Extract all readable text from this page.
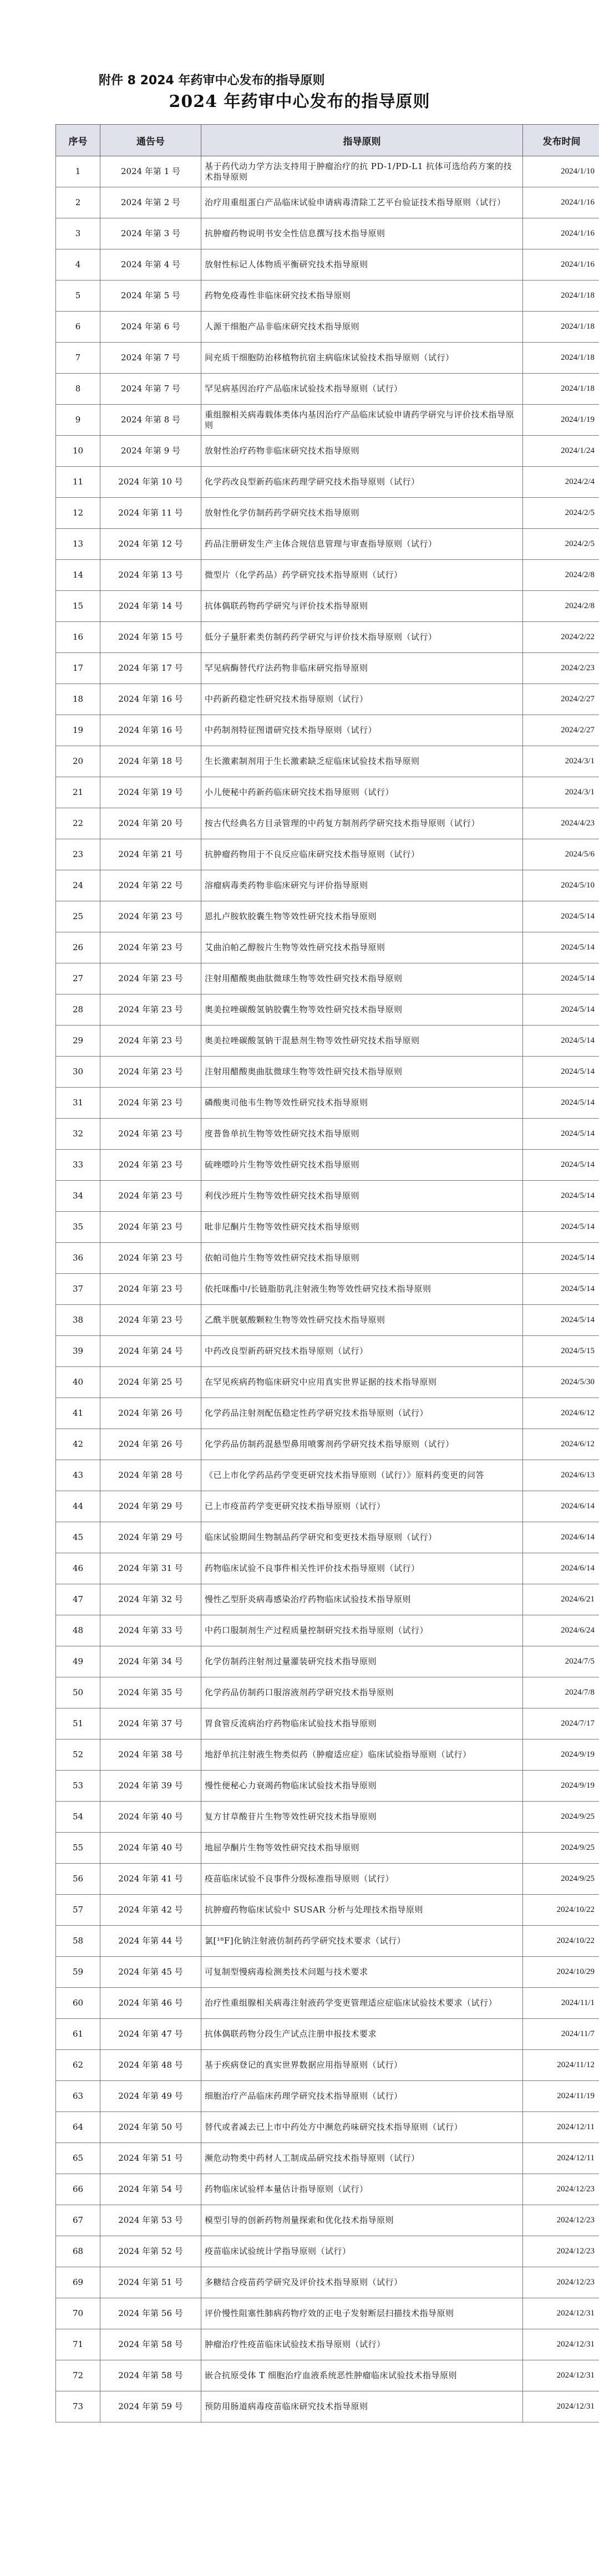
附件 8 2024 年药审中心发布的指导原则
2024 年药审中心发布的指导原则
序号	通告号	指导原则	发布时间
1	2024 年第 1 号	基于药代动力学方法支持用于肿瘤治疗的抗 PD-1/PD-L1 抗体可选给药方案的技术指导原则	2024/1/10
2	2024 年第 2 号	治疗用重组蛋白产品临床试验申请病毒清除工艺平台验证技术指导原则（试行）	2024/1/16
3	2024 年第 3 号	抗肿瘤药物说明书安全性信息撰写技术指导原则	2024/1/16
4	2024 年第 4 号	放射性标记人体物质平衡研究技术指导原则	2024/1/16
5	2024 年第 5 号	药物免疫毒性非临床研究技术指导原则	2024/1/18
6	2024 年第 6 号	人源干细胞产品非临床研究技术指导原则	2024/1/18
7	2024 年第 7 号	间充质干细胞防治移植物抗宿主病临床试验技术指导原则（试行）	2024/1/18
8	2024 年第 7 号	罕见病基因治疗产品临床试验技术指导原则（试行）	2024/1/18
9	2024 年第 8 号	重组腺相关病毒载体类体内基因治疗产品临床试验申请药学研究与评价技术指导原则	2024/1/19
10	2024 年第 9 号	放射性治疗药物非临床研究技术指导原则	2024/1/24
11	2024 年第 10 号	化学药改良型新药临床药理学研究技术指导原则（试行）	2024/2/4
12	2024 年第 11 号	放射性化学仿制药药学研究技术指导原则	2024/2/5
13	2024 年第 12 号	药品注册研发生产主体合规信息管理与审查指导原则（试行）	2024/2/5
14	2024 年第 13 号	微型片（化学药品）药学研究技术指导原则（试行）	2024/2/8
15	2024 年第 14 号	抗体偶联药物药学研究与评价技术指导原则	2024/2/8
16	2024 年第 15 号	低分子量肝素类仿制药药学研究与评价技术指导原则（试行）	2024/2/22
17	2024 年第 17 号	罕见病酶替代疗法药物非临床研究指导原则	2024/2/23
18	2024 年第 16 号	中药新药稳定性研究技术指导原则（试行）	2024/2/27
19	2024 年第 16 号	中药制剂特征图谱研究技术指导原则（试行）	2024/2/27
20	2024 年第 18 号	生长激素制剂用于生长激素缺乏症临床试验技术指导原则	2024/3/1
21	2024 年第 19 号	小儿便秘中药新药临床研究技术指导原则（试行）	2024/3/1
22	2024 年第 20 号	按古代经典名方目录管理的中药复方制剂药学研究技术指导原则（试行）	2024/4/23
23	2024 年第 21 号	抗肿瘤药物用于不良反应临床研究技术指导原则（试行）	2024/5/6
24	2024 年第 22 号	溶瘤病毒类药物非临床研究与评价指导原则	2024/5/10
25	2024 年第 23 号	恩扎卢胺软胶囊生物等效性研究技术指导原则	2024/5/14
26	2024 年第 23 号	艾曲泊帕乙醇胺片生物等效性研究技术指导原则	2024/5/14
27	2024 年第 23 号	注射用醋酸奥曲肽微球生物等效性研究技术指导原则	2024/5/14
28	2024 年第 23 号	奥美拉唑碳酸氢钠胶囊生物等效性研究技术指导原则	2024/5/14
29	2024 年第 23 号	奥美拉唑碳酸氢钠干混悬剂生物等效性研究技术指导原则	2024/5/14
30	2024 年第 23 号	注射用醋酸奥曲肽微球生物等效性研究技术指导原则	2024/5/14
31	2024 年第 23 号	磷酸奥司他韦生物等效性研究技术指导原则	2024/5/14
32	2024 年第 23 号	度普鲁单抗生物等效性研究技术指导原则	2024/5/14
33	2024 年第 23 号	硫唑嘌呤片生物等效性研究技术指导原则	2024/5/14
34	2024 年第 23 号	利伐沙班片生物等效性研究技术指导原则	2024/5/14
35	2024 年第 23 号	吡非尼酮片生物等效性研究技术指导原则	2024/5/14
36	2024 年第 23 号	依帕司他片生物等效性研究技术指导原则	2024/5/14
37	2024 年第 23 号	依托咪酯中/长链脂肪乳注射液生物等效性研究技术指导原则	2024/5/14
38	2024 年第 23 号	乙酰半胱氨酸颗粒生物等效性研究技术指导原则	2024/5/14
39	2024 年第 24 号	中药改良型新药研究技术指导原则（试行）	2024/5/15
40	2024 年第 25 号	在罕见疾病药物临床研究中应用真实世界证据的技术指导原则	2024/5/30
41	2024 年第 26 号	化学药品注射剂配伍稳定性药学研究技术指导原则（试行）	2024/6/12
42	2024 年第 26 号	化学药品仿制药混悬型鼻用喷雾剂药学研究技术指导原则（试行）	2024/6/12
43	2024 年第 28 号	《已上市化学药品药学变更研究技术指导原则（试行）》原料药变更的问答	2024/6/13
44	2024 年第 29 号	已上市疫苗药学变更研究技术指导原则（试行）	2024/6/14
45	2024 年第 29 号	临床试验期间生物制品药学研究和变更技术指导原则（试行）	2024/6/14
46	2024 年第 31 号	药物临床试验不良事件相关性评价技术指导原则（试行）	2024/6/14
47	2024 年第 32 号	慢性乙型肝炎病毒感染治疗药物临床试验技术指导原则	2024/6/21
48	2024 年第 33 号	中药口服制剂生产过程质量控制研究技术指导原则（试行）	2024/6/24
49	2024 年第 34 号	化学仿制药注射剂过量灌装研究技术指导原则	2024/7/5
50	2024 年第 35 号	化学药品仿制药口服溶液剂药学研究技术指导原则	2024/7/8
51	2024 年第 37 号	胃食管反流病治疗药物临床试验技术指导原则	2024/7/17
52	2024 年第 38 号	地舒单抗注射液生物类似药（肿瘤适应症）临床试验指导原则（试行）	2024/9/19
53	2024 年第 39 号	慢性便秘心力衰竭药物临床试验技术指导原则	2024/9/19
54	2024 年第 40 号	复方甘草酸苷片生物等效性研究技术指导原则	2024/9/25
55	2024 年第 40 号	地屈孕酮片生物等效性研究技术指导原则	2024/9/25
56	2024 年第 41 号	疫苗临床试验不良事件分级标准指导原则（试行）	2024/9/25
57	2024 年第 42 号	抗肿瘤药物临床试验中 SUSAR 分析与处理技术指导原则	2024/10/22
58	2024 年第 44 号	氯[¹⁸F]化钠注射液仿制药药学研究技术要求（试行）	2024/10/22
59	2024 年第 45 号	可复制型慢病毒检测类技术问题与技术要求	2024/10/29
60	2024 年第 46 号	治疗性重组腺相关病毒注射液药学变更管理适应症临床试验技术要求（试行）	2024/11/1
61	2024 年第 47 号	抗体偶联药物分段生产试点注册申报技术要求	2024/11/7
62	2024 年第 48 号	基于疾病登记的真实世界数据应用指导原则（试行）	2024/11/12
63	2024 年第 49 号	细胞治疗产品临床药理学研究技术指导原则（试行）	2024/11/19
64	2024 年第 50 号	替代或者减去已上市中药处方中濒危药味研究技术指导原则（试行）	2024/12/11
65	2024 年第 51 号	濒危动物类中药材人工制成品研究技术指导原则（试行）	2024/12/11
66	2024 年第 54 号	药物临床试验样本量估计指导原则（试行）	2024/12/23
67	2024 年第 53 号	模型引导的创新药物剂量探索和优化技术指导原则	2024/12/23
68	2024 年第 52 号	疫苗临床试验统计学指导原则（试行）	2024/12/23
69	2024 年第 51 号	多糖结合疫苗药学研究及评价技术指导原则（试行）	2024/12/23
70	2024 年第 56 号	评价慢性阻塞性肺病药物疗效的正电子发射断层扫描技术指导原则	2024/12/31
71	2024 年第 58 号	肿瘤治疗性疫苗临床试验技术指导原则（试行）	2024/12/31
72	2024 年第 58 号	嵌合抗原受体 T 细胞治疗血液系统恶性肿瘤临床试验技术指导原则	2024/12/31
73	2024 年第 59 号	预防用肠道病毒疫苗临床研究技术指导原则	2024/12/31
